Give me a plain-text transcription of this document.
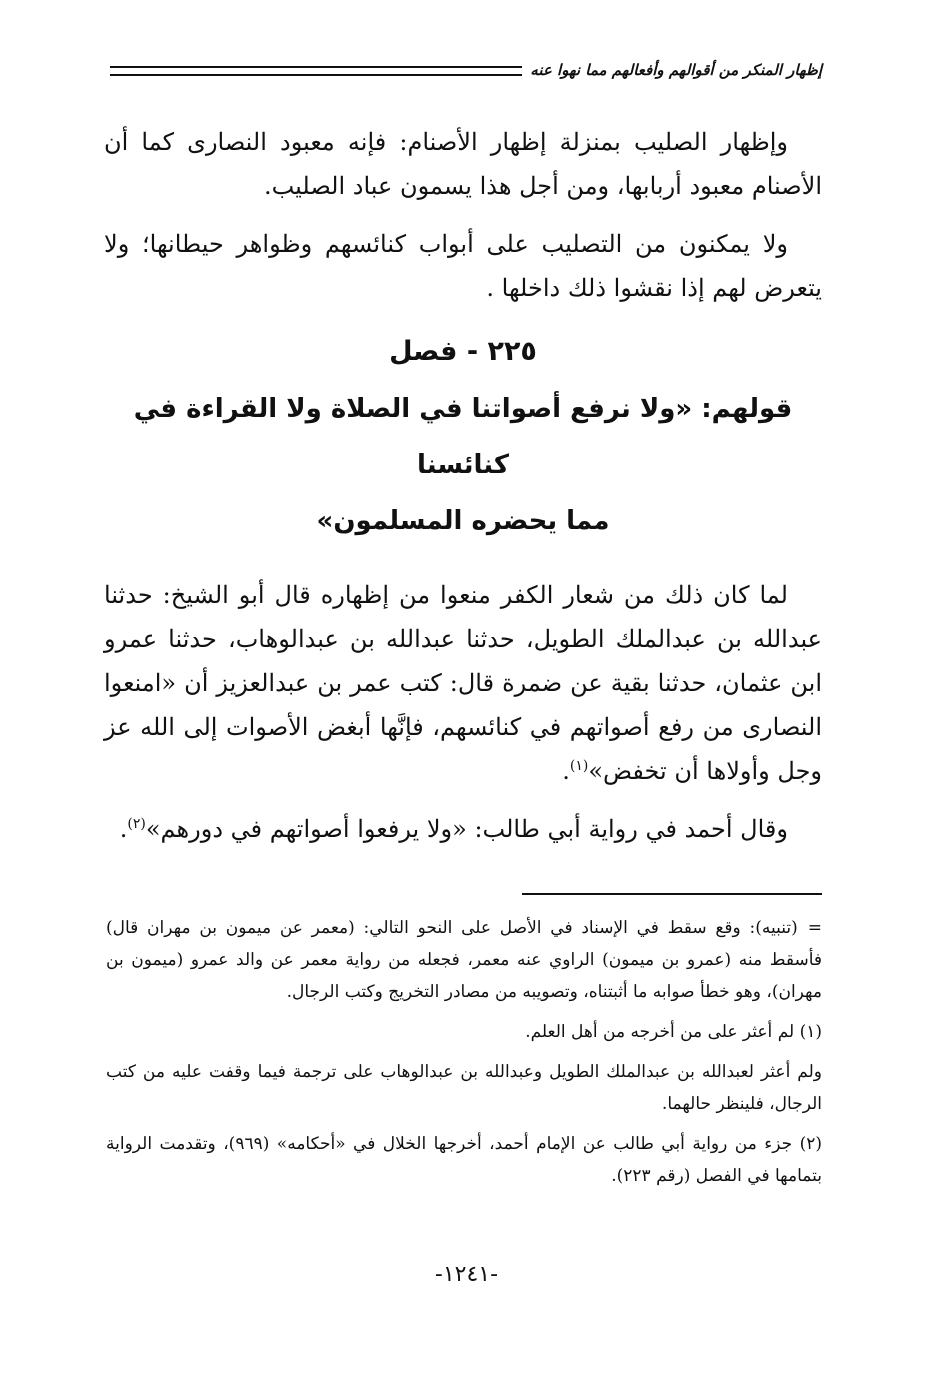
إظهار المنكر من أقوالهم وأفعالهم مما نهوا عنه

وإظهار الصليب بمنزلة إظهار الأصنام: فإنه معبود النصارى كما أن الأصنام معبود أربابها، ومن أجل هذا يسمون عباد الصليب.

ولا يمكنون من التصليب على أبواب كنائسهم وظواهر حيطانها؛ ولا يتعرض لهم إذا نقشوا ذلك داخلها .

٢٢٥ - فصل
قولهم: «ولا نرفع أصواتنا في الصلاة ولا القراءة في كنائسنا
مما يحضره المسلمون»

لما كان ذلك من شعار الكفر منعوا من إظهاره قال أبو الشيخ: حدثنا عبدالله بن عبدالملك الطويل، حدثنا عبدالله بن عبدالوهاب، حدثنا عمرو ابن عثمان، حدثنا بقية عن ضمرة قال: كتب عمر بن عبدالعزيز أن «امنعوا النصارى من رفع أصواتهم في كنائسهم، فإنَّها أبغض الأصوات إلى الله عز وجل وأولاها أن تخفض»$^{(١)}$.

وقال أحمد في رواية أبي طالب: «ولا يرفعوا أصواتهم في دورهم»$^{(٢)}$.

=(تنبيه): وقع سقط في الإسناد في الأصل على النحو التالي: (معمر عن ميمون بن مهران قال) فأسقط منه (عمرو بن ميمون) الراوي عنه معمر، فجعله من رواية معمر عن والد عمرو (ميمون بن مهران)، وهو خطأ صوابه ما أثبتناه، وتصويبه من مصادر التخريج وكتب الرجال.

(١) لم أعثر على من أخرجه من أهل العلم.

ولم أعثر لعبدالله بن عبدالملك الطويل وعبدالله بن عبدالوهاب على ترجمة فيما وقفت عليه من كتب الرجال، فلينظر حالهما.

(٢) جزء من رواية أبي طالب عن الإمام أحمد، أخرجها الخلال في «أحكامه» (٩٦٩)، وتقدمت الرواية بتمامها في الفصل (رقم ٢٢٣).

-١٢٤١-
